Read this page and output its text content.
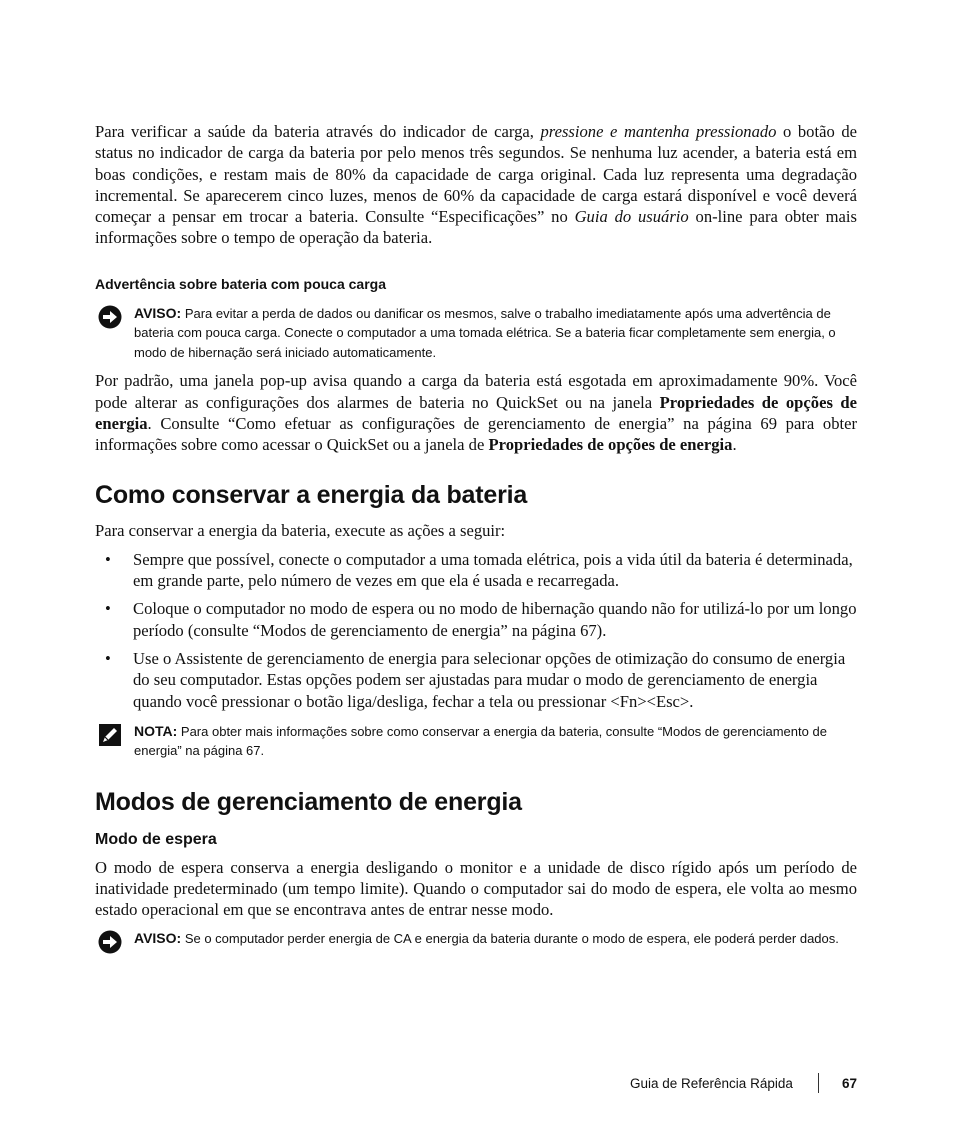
Para verificar a saúde da bateria através do indicador de carga, pressione e mantenha pressionado o botão de status no indicador de carga da bateria por pelo menos três segundos. Se nenhuma luz acender, a bateria está em boas condições, e restam mais de 80% da capacidade de carga original. Cada luz representa uma degradação incremental. Se aparecerem cinco luzes, menos de 60% da capacidade de carga estará disponível e você deverá começar a pensar em trocar a bateria. Consulte “Especificações” no Guia do usuário on-line para obter mais informações sobre o tempo de operação da bateria.

Advertência sobre bateria com pouca carga
AVISO: Para evitar a perda de dados ou danificar os mesmos, salve o trabalho imediatamente após uma advertência de bateria com pouca carga. Conecte o computador a uma tomada elétrica. Se a bateria ficar completamente sem energia, o modo de hibernação será iniciado automaticamente.

Por padrão, uma janela pop-up avisa quando a carga da bateria está esgotada em aproximadamente 90%. Você pode alterar as configurações dos alarmes de bateria no QuickSet ou na janela Propriedades de opções de energia. Consulte “Como efetuar as configurações de gerenciamento de energia” na página 69 para obter informações sobre como acessar o QuickSet ou a janela de Propriedades de opções de energia.

Como conservar a energia da bateria

Para conservar a energia da bateria, execute as ações a seguir:

• Sempre que possível, conecte o computador a uma tomada elétrica, pois a vida útil da bateria é determinada, em grande parte, pelo número de vezes em que ela é usada e recarregada.
• Coloque o computador no modo de espera ou no modo de hibernação quando não for utilizá-lo por um longo período (consulte “Modos de gerenciamento de energia” na página 67).
• Use o Assistente de gerenciamento de energia para selecionar opções de otimização do consumo de energia do seu computador. Estas opções podem ser ajustadas para mudar o modo de gerenciamento de energia quando você pressionar o botão liga/desliga, fechar a tela ou pressionar <Fn><Esc>.
NOTA: Para obter mais informações sobre como conservar a energia da bateria, consulte “Modos de gerenciamento de energia” na página 67.
Modos de gerenciamento de energia
Modo de espera

O modo de espera conserva a energia desligando o monitor e a unidade de disco rígido após um período de inatividade predeterminado (um tempo limite). Quando o computador sai do modo de espera, ele volta ao mesmo estado operacional em que se encontrava antes de entrar nesse modo.

AVISO: Se o computador perder energia de CA e energia da bateria durante o modo de espera, ele poderá perder dados.
Guia de Referência Rápida	67
